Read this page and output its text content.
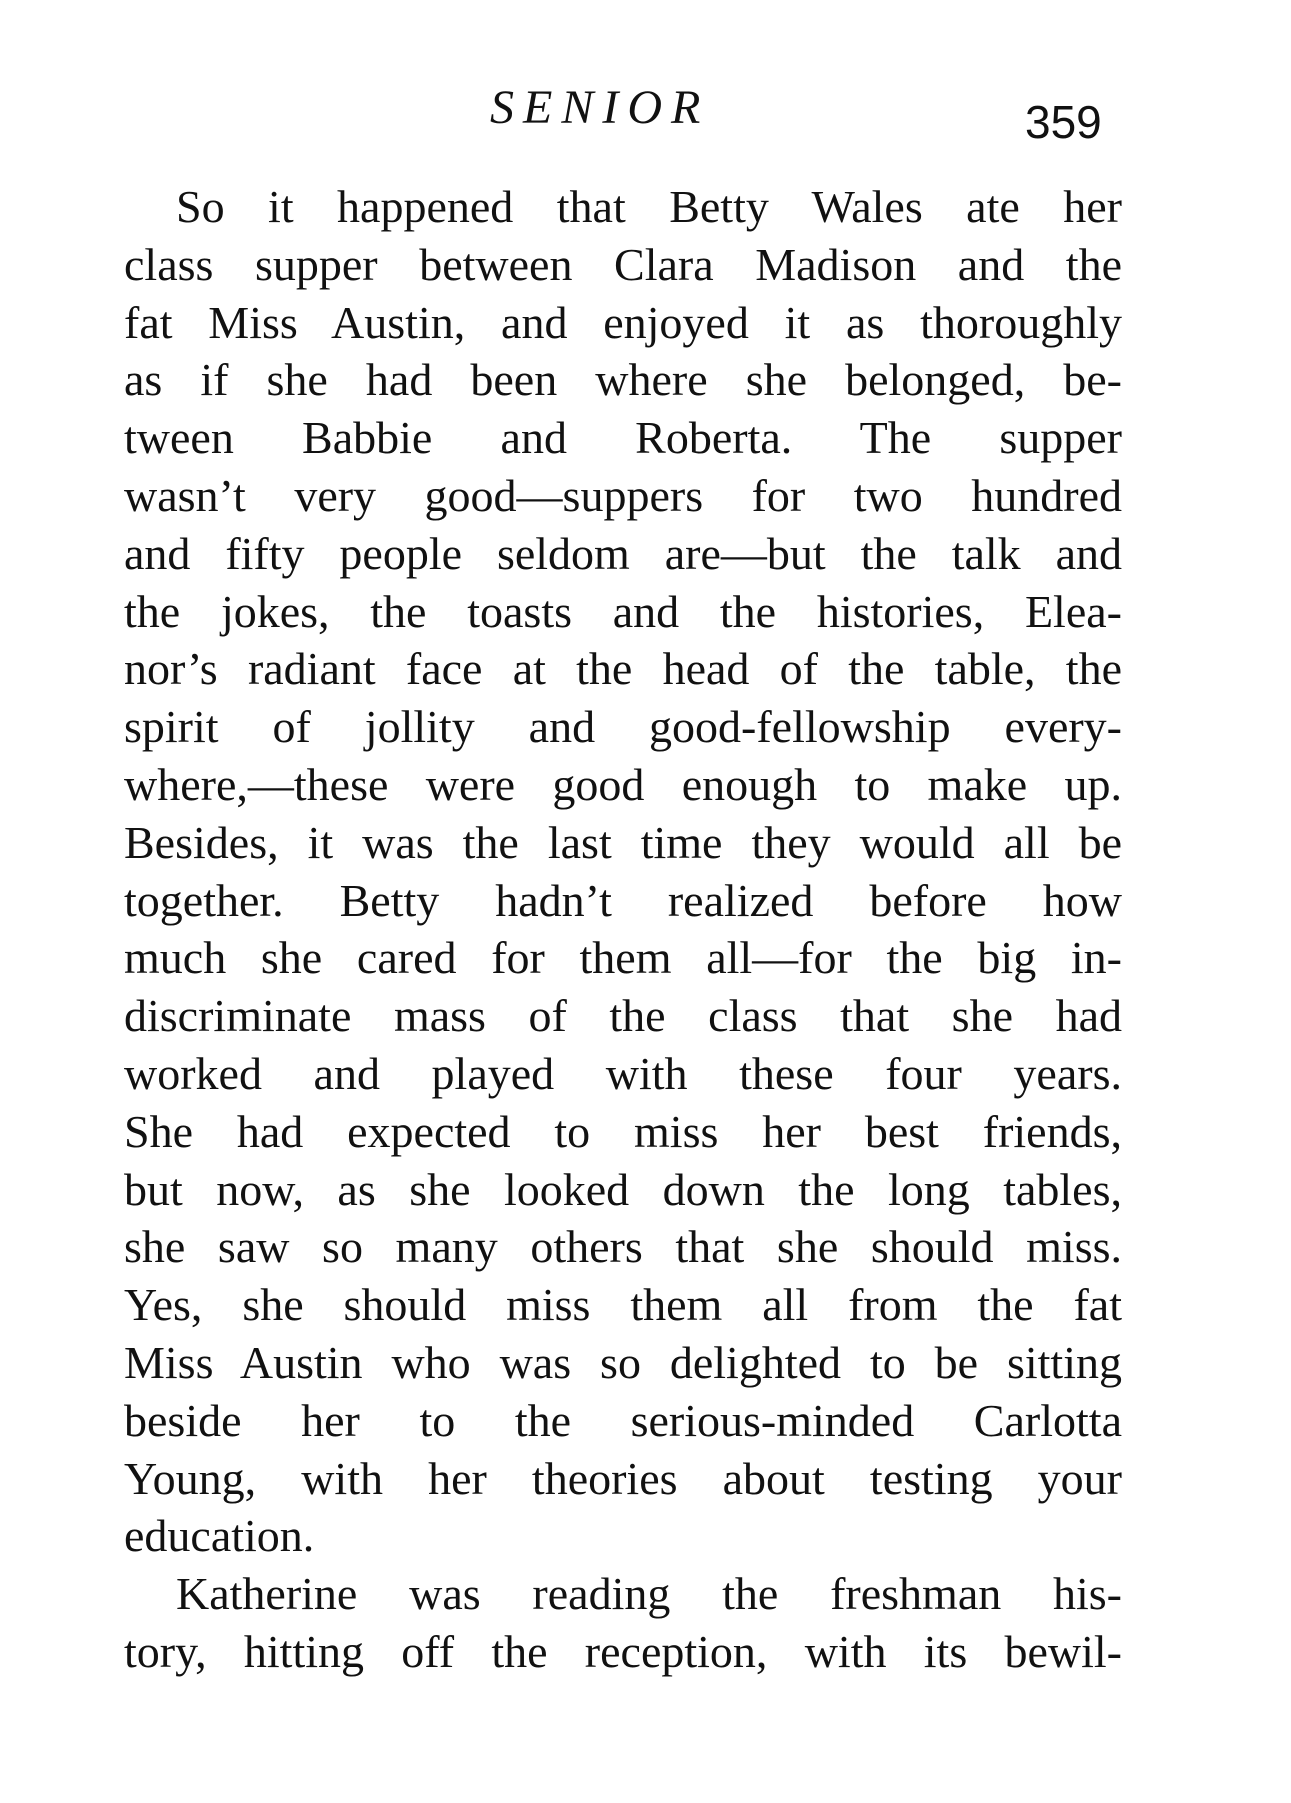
SENIOR	359
So it happened that Betty Wales ate her
class supper between Clara Madison and the
fat Miss Austin, and enjoyed it as thoroughly
as if she had been where she belonged, be-
tween Babbie and Roberta. The supper
wasn’t very good—suppers for two hundred
and fifty people seldom are—but the talk and
the jokes, the toasts and the histories, Elea-
nor’s radiant face at the head of the table, the
spirit of jollity and good-fellowship every-
where,—these were good enough to make up.
Besides, it was the last time they would all be
together. Betty hadn’t realized before how
much she cared for them all—for the big in-
discriminate mass of the class that she had
worked and played with these four years.
She had expected to miss her best friends,
but now, as she looked down the long tables,
she saw so many others that she should miss.
Yes, she should miss them all from the fat
Miss Austin who was so delighted to be sitting
beside her to the serious-minded Carlotta
Young, with her theories about testing your
education.
Katherine was reading the freshman his-
tory, hitting off the reception, with its bewil-
